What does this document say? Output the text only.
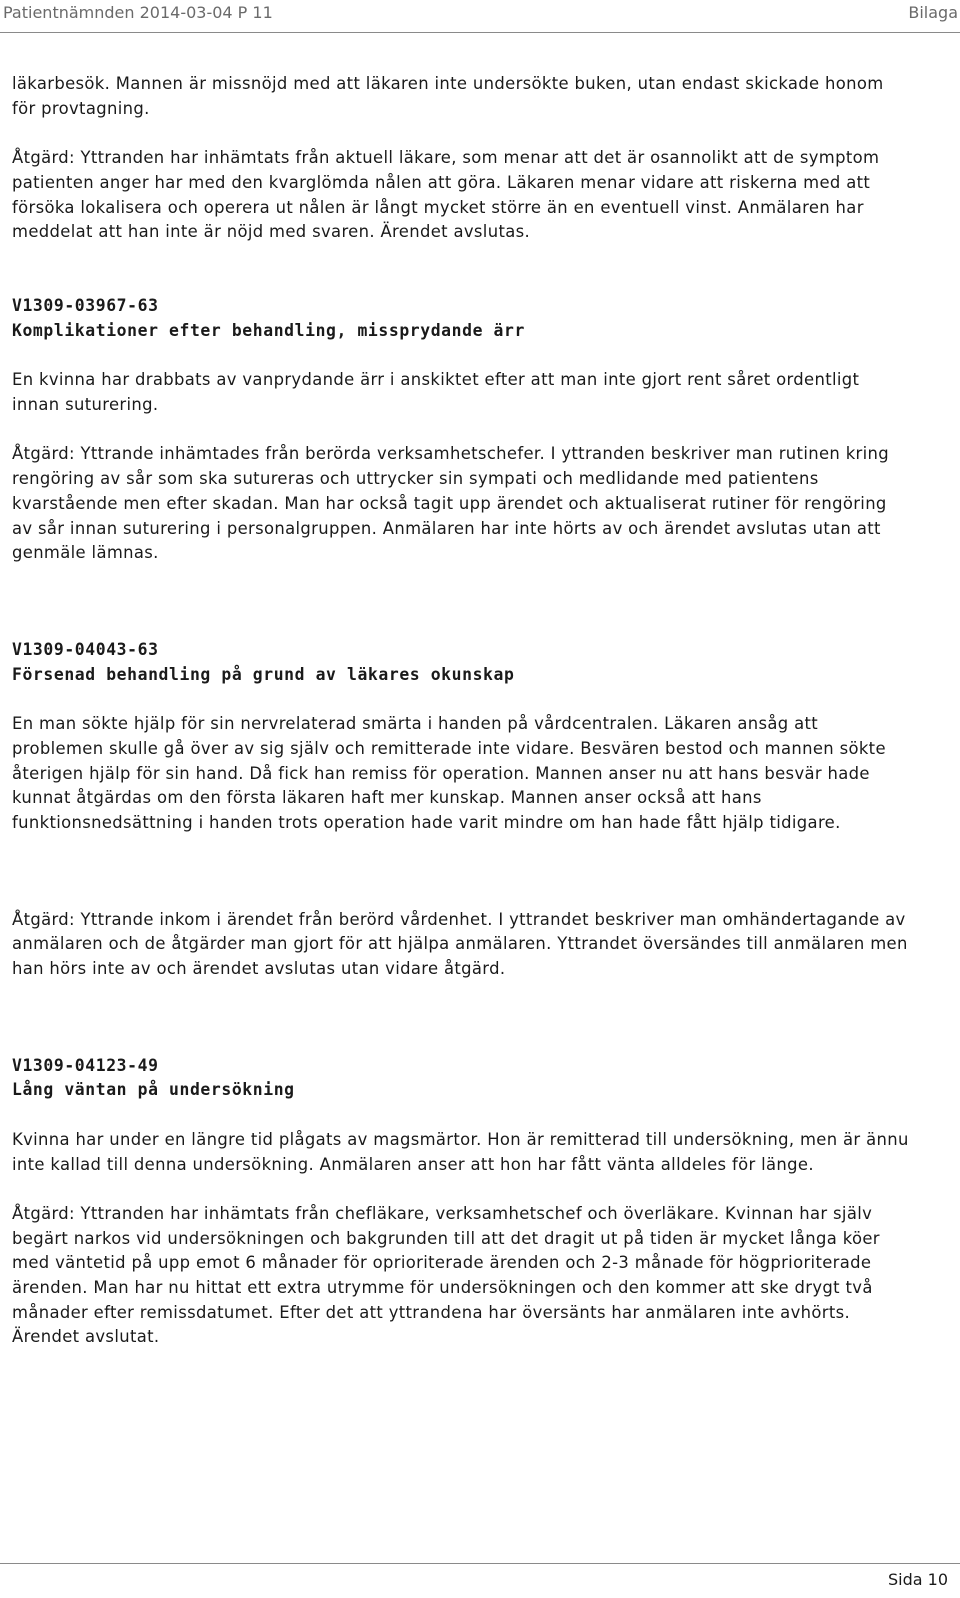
Patientnämnden 2014-03-04 P 11	Bilaga

läkarbesök. Mannen är missnöjd med att läkaren inte undersökte buken, utan endast skickade honom för provtagning.

Åtgärd: Yttranden har inhämtats från aktuell läkare, som menar att det är osannolikt att de symptom patienten anger har med den kvarglömda nålen att göra. Läkaren menar vidare att riskerna med att försöka lokalisera och operera ut nålen är långt mycket större än en eventuell vinst. Anmälaren har meddelat att han inte är nöjd med svaren. Ärendet avslutas.

V1309-03967-63

Komplikationer efter behandling, missprydande ärr

En kvinna har drabbats av vanprydande ärr i anskiktet efter att man inte gjort rent såret ordentligt innan suturering.

Åtgärd: Yttrande inhämtades från berörda verksamhetschefer. I yttranden beskriver man rutinen kring rengöring av sår som ska sutureras och uttrycker sin sympati och medlidande med patientens kvarstående men efter skadan. Man har också tagit upp ärendet och aktualiserat rutiner för rengöring av sår innan suturering i personalgruppen. Anmälaren har inte hörts av och ärendet avslutas utan att genmäle lämnas.

V1309-04043-63

Försenad behandling på grund av läkares okunskap

En man sökte hjälp för sin nervrelaterad smärta i handen på vårdcentralen. Läkaren ansåg att problemen skulle gå över av sig själv och remitterade inte vidare. Besvären bestod och mannen sökte återigen hjälp för sin hand. Då fick han remiss för operation. Mannen anser nu att hans besvär hade kunnat åtgärdas om den första läkaren haft mer kunskap. Mannen anser också att hans funktionsnedsättning i handen trots operation hade varit mindre om han hade fått hjälp tidigare.

Åtgärd: Yttrande inkom i ärendet från berörd vårdenhet. I yttrandet beskriver man omhändertagande av anmälaren och de åtgärder man gjort för att hjälpa anmälaren. Yttrandet översändes till anmälaren men han hörs inte av och ärendet avslutas utan vidare åtgärd.

V1309-04123-49

Lång väntan på undersökning

Kvinna har under en längre tid plågats av magsmärtor. Hon är remitterad till undersökning, men är ännu inte kallad till denna undersökning. Anmälaren anser att hon har fått vänta alldeles för länge.

Åtgärd: Yttranden har inhämtats från chefläkare, verksamhetschef och överläkare. Kvinnan har själv begärt narkos vid undersökningen och bakgrunden till att det dragit ut på tiden är mycket långa köer med väntetid på upp emot 6 månader för oprioriterade ärenden och 2-3 månade för högprioriterade ärenden. Man har nu hittat ett extra utrymme för undersökningen och den kommer att ske drygt två månader efter remissdatumet. Efter det att yttrandena har översänts har anmälaren inte avhörts. Ärendet avslutat.

Sida 10
